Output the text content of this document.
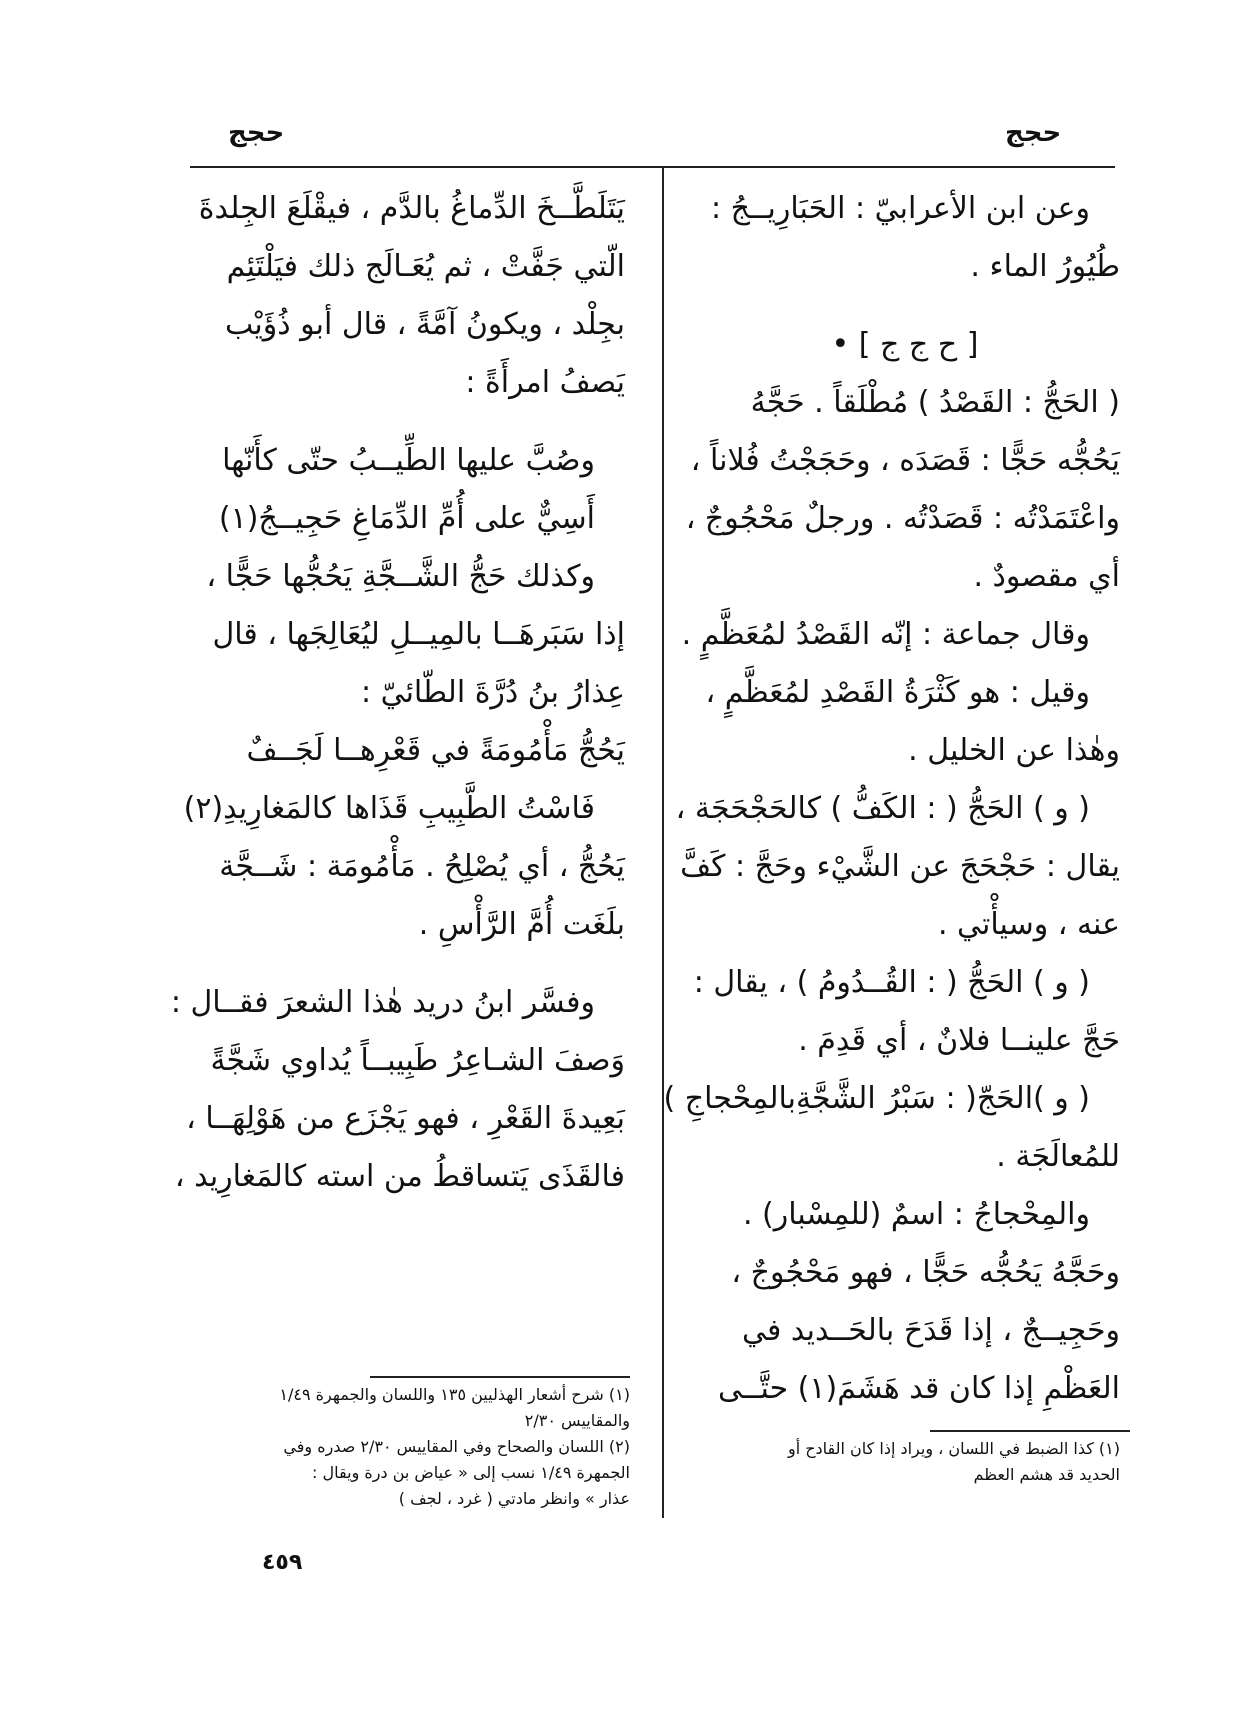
حجج
حجج
وعن ابن الأعرابيّ : الحَبَارِيــجُ :
طُيُورُ الماء .
[ ح ج ج ] •
( الحَجُّ : القَصْدُ ) مُطْلَقاً . حَجَّهُ
يَحُجُّه حَجًّا : قَصَدَه ، وحَجَجْتُ فُلاناً ،
واعْتَمَدْتُه : قَصَدْتُه . ورجلٌ مَحْجُوجٌ ،
أي مقصودٌ .
وقال جماعة : إنّه القَصْدُ لمُعَظَّمٍ .
وقيل : هو كَثْرَةُ القَصْدِ لمُعَظَّمٍ ،
وهٰذا عن الخليل .
( و ) الحَجُّ ( : الكَفُّ ) كالحَجْحَجَة ،
يقال : حَجْحَجَ عن الشَّيْء وحَجَّ : كَفَّ
عنه ، وسيأْتي .
( و ) الحَجُّ ( : القُــدُومُ ) ، يقال :
حَجَّ علينــا فلانٌ ، أي قَدِمَ .
( و )الحَجّ( : سَبْرُ الشَّجَّةِبالمِحْجاجِ )
للمُعالَجَة .
والمِحْجاجُ : اسمٌ (للمِسْبار) .
وحَجَّهُ يَحُجُّه حَجًّا ، فهو مَحْجُوجٌ ،
وحَجِيــجٌ ، إذا قَدَحَ بالحَــديد في
العَظْمِ إذا كان قد هَشَمَ(١) حتَّــى
يَتَلَطَّــخَ الدِّماغُ بالدَّم ، فيقْلَعَ الجِلدةَ
الّتي جَفَّتْ ، ثم يُعَـالَج ذلك فيَلْتَئِم
بجِلْد ، ويكونُ آمَّةً ، قال أبو ذُؤَيْب
يَصفُ امرأَةً :
وصُبَّ عليها الطِّيــبُ حتّى كأَنّها
أَسِيٌّ على أُمِّ الدِّمَاغِ حَجِيــجُ(١)
وكذلك حَجُّ الشَّــجَّةِ يَحُجُّها حَجًّا ،
إذا سَبَرهَــا بالمِيــلِ ليُعَالِجَها ، قال
عِذارُ بنُ دُرَّةَ الطّائيّ :
يَحُجُّ مَأْمُومَةً في قَعْرِهــا لَجَــفٌ
فَاسْتُ الطَّبِيبِ قَذَاها كالمَغارِيدِ(٢)
يَحُجُّ ، أي يُصْلِحُ . مَأْمُومَة : شَــجَّة
بلَغَت أُمَّ الرَّأْسِ .
وفسَّر ابنُ دريد هٰذا الشعرَ فقــال :
وَصفَ الشـاعِرُ طَبِيبــاً يُداوي شَجَّةً
بَعِيدةَ القَعْرِ ، فهو يَجْزَع من هَوْلِهَــا ،
فالقَذَى يَتساقطُ من استه كالمَغارِيد ،
(١) شرح أشعار الهذليين ١٣٥ واللسان والجمهرة ١/٤٩
والمقاييس ٢/٣٠
(٢) اللسان والصحاح وفي المقاييس ٢/٣٠ صدره وفي
الجمهرة ١/٤٩ نسب إلى « عياض بن درة ويقال :
عذار » وانظر مادتي ( غرد ، لجف )
(١) كذا الضبط في اللسان ، ويراد إذا كان القادح أو
الحديد قد هشم العظم
٤٥٩
